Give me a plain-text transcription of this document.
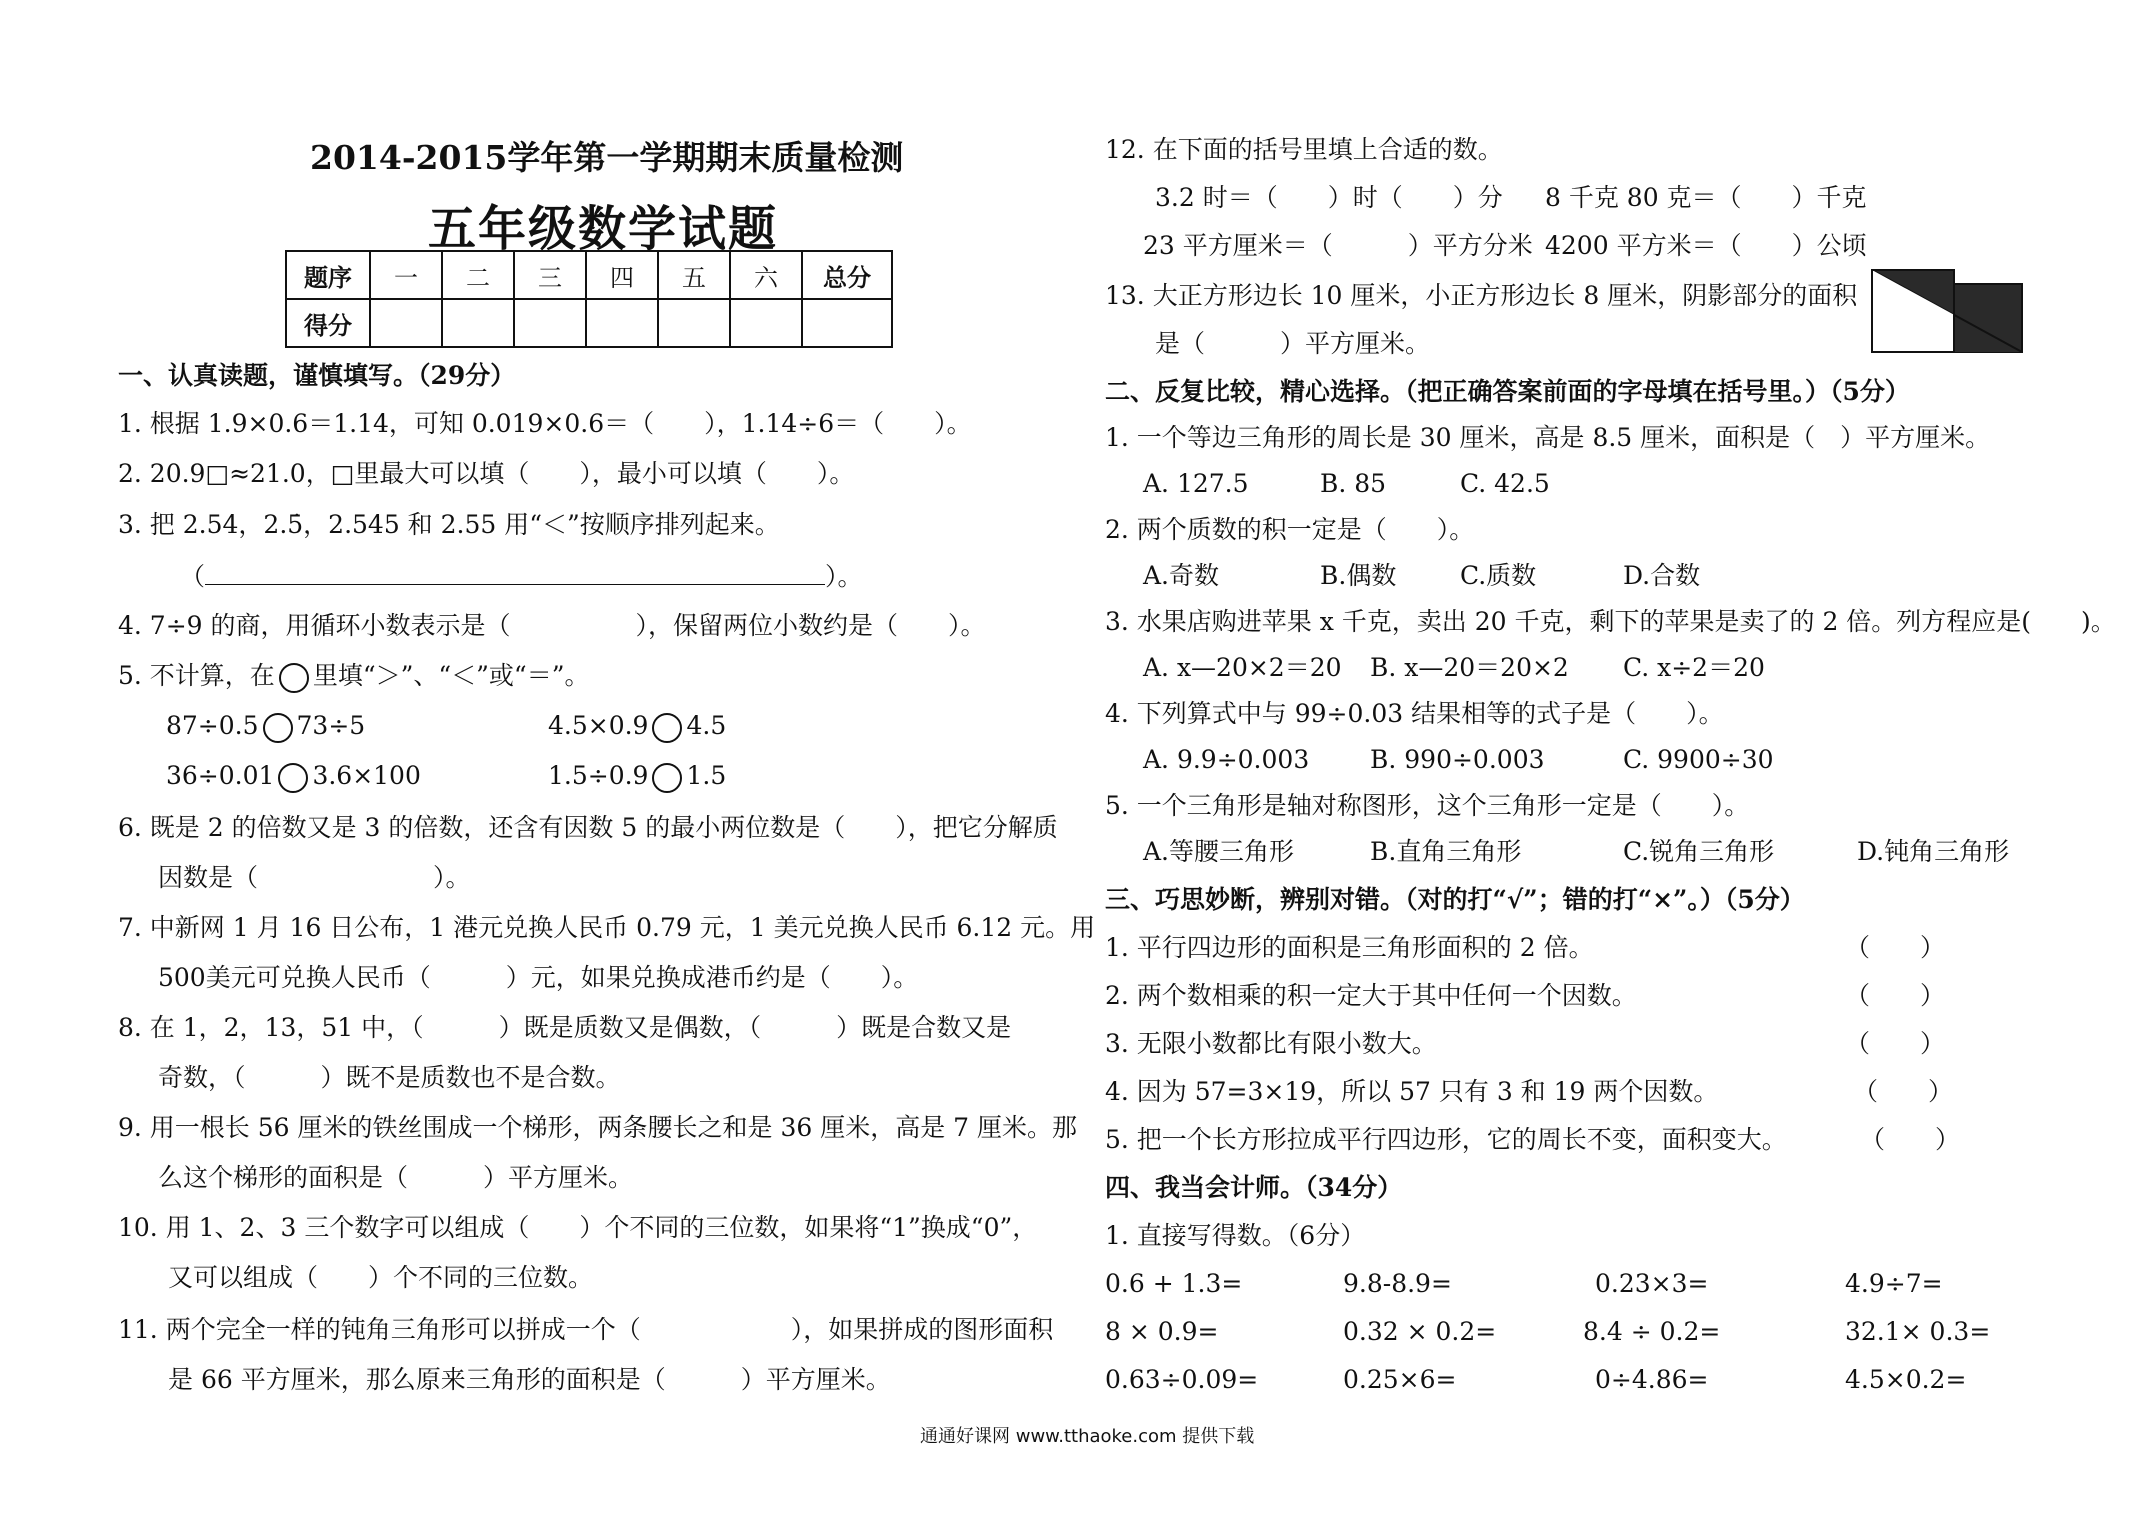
2014-2015学年第一学期期末质量检测
五年级数学试题
题序	一	二	三	四	五	六	总分
得分							
一、认真读题，谨慎填写。（29分）
1. 根据 1.9×0.6＝1.14，可知 0.019×0.6＝（　　），1.14÷6＝（　　）。
2. 20.9□≈21.0，□里最大可以填（　　），最小可以填（　　）。
3. 把 2.54，2.5̇，2.545 和 2.55 用“＜”按顺序排列起来。
（	）。
4. 7÷9 的商，用循环小数表示是（　　　　　），保留两位小数约是（　　）。
5. 不计算，在 里填“＞”、“＜”或“＝”。
87÷0.5 73÷5	4.5×0.9 4.5
36÷0.01 3.6×100	1.5÷0.9 1.5
6. 既是 2 的倍数又是 3 的倍数，还含有因数 5 的最小两位数是（　　），把它分解质
因数是（　　　　　　　）。
7. 中新网 1 月 16 日公布，1 港元兑换人民币 0.79 元，1 美元兑换人民币 6.12 元。用
500美元可兑换人民币（　　　）元，如果兑换成港币约是（　　）。
8. 在 1，2，13，51 中，（　　　）既是质数又是偶数，（　　　）既是合数又是
奇数，（　　　）既不是质数也不是合数。
9. 用一根长 56 厘米的铁丝围成一个梯形，两条腰长之和是 36 厘米，高是 7 厘米。那
么这个梯形的面积是（　　　）平方厘米。
10. 用 1、2、3 三个数字可以组成（　　）个不同的三位数，如果将“1”换成“0”，
又可以组成（　　）个不同的三位数。
11. 两个完全一样的钝角三角形可以拼成一个（　　　　　　），如果拼成的图形面积
是 66 平方厘米，那么原来三角形的面积是（　　　）平方厘米。
12. 在下面的括号里填上合适的数。
3.2 时＝（　　）时（　　）分 8 千克 80 克＝（　　）千克
23 平方厘米＝（　　　）平方分米 4200 平方米＝（　　）公顷
13. 大正方形边长 10 厘米，小正方形边长 8 厘米，阴影部分的面积
是（　　　）平方厘米。
二、反复比较，精心选择。（把正确答案前面的字母填在括号里。）（5分）
1. 一个等边三角形的周长是 30 厘米，高是 8.5 厘米，面积是（　）平方厘米。
A. 127.5	B. 85	C. 42.5
2. 两个质数的积一定是（　　）。
A.奇数	B.偶数	C.质数	D.合数
3. 水果店购进苹果 x 千克，卖出 20 千克，剩下的苹果是卖了的 2 倍。列方程应是(　　)。
A. x—20×2＝20 B. x—20＝20×2 C. x÷2＝20
4. 下列算式中与 99÷0.03 结果相等的式子是（　　）。
A. 9.9÷0.003 B. 990÷0.003	C. 9900÷30
5. 一个三角形是轴对称图形，这个三角形一定是（　　）。
A.等腰三角形	B.直角三角形	C.锐角三角形	D.钝角三角形
三、巧思妙断，辨别对错。（对的打“√”；错的打“×”。）（5分）
1. 平行四边形的面积是三角形面积的 2 倍。	（　　）
2. 两个数相乘的积一定大于其中任何一个因数。	（　　）
3. 无限小数都比有限小数大。	（　　）
4. 因为 57=3×19，所以 57 只有 3 和 19 两个因数。	（　　）
5. 把一个长方形拉成平行四边形，它的周长不变，面积变大。	（　　）
四、我当会计师。（34分）
1. 直接写得数。（6分）
0.6 + 1.3=	9.8-8.9=	0.23×3=	4.9÷7=
8 × 0.9=	0.32 × 0.2=	8.4 ÷ 0.2=	32.1× 0.3=
0.63÷0.09=	0.25×6=	0÷4.86=	4.5×0.2=
通通好课网 www.tthaoke.com 提供下载
